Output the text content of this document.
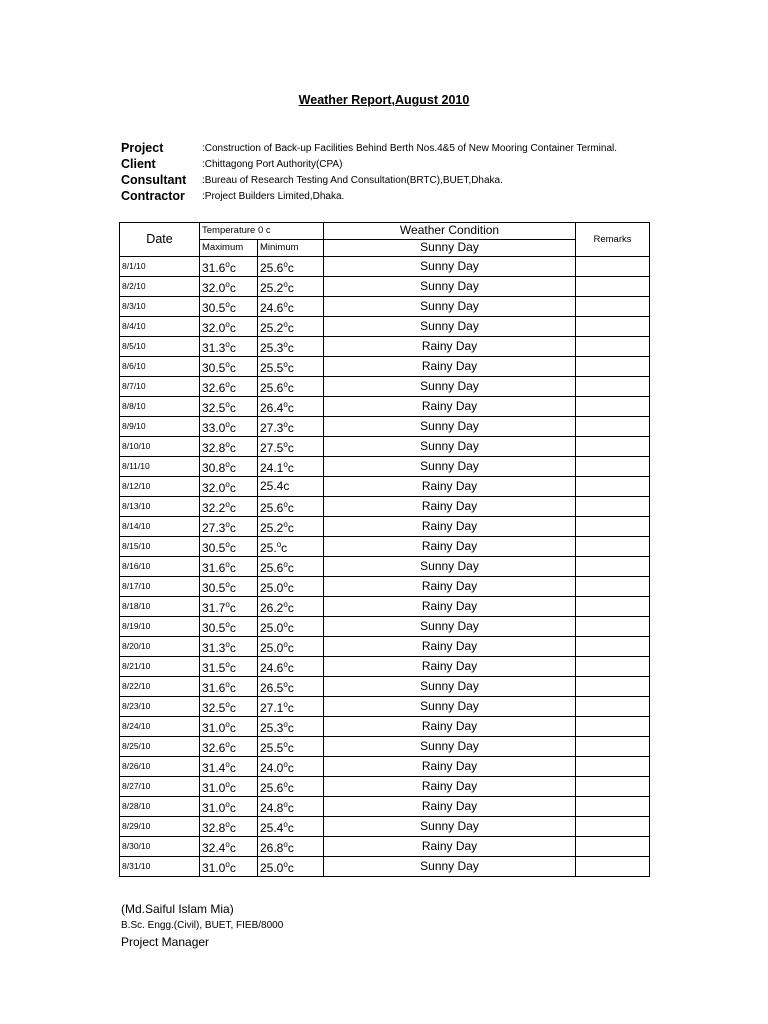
Weather Report,August 2010
Project	:Construction of Back-up Facilities Behind Berth Nos.4&5 of New Mooring Container Terminal.
Client	:Chittagong Port Authority(CPA)
Consultant :Bureau of Research Testing And Consultation(BRTC),BUET,Dhaka.
Contractor :Project Builders Limited,Dhaka.
Date	Temperature 0 c		Weather Condition	Remarks
	Maximum	Minimum	Sunny Day	
8/1/10	31.6$^o$c	25.6$^o$c	Sunny Day	
8/2/10	32.0$^o$c	25.2$^o$c	Sunny Day	
8/3/10	30.5$^o$c	24.6$^o$c	Sunny Day	
8/4/10	32.0$^o$c	25.2$^o$c	Sunny Day	
8/5/10	31.3$^o$c	25.3$^o$c	Rainy Day	
8/6/10	30.5$^o$c	25.5$^o$c	Rainy Day	
8/7/10	32.6$^o$c	25.6$^o$c	Sunny Day	
8/8/10	32.5$^o$c	26.4$^o$c	Rainy Day	
8/9/10	33.0$^o$c	27.3$^o$c	Sunny Day	
8/10/10	32.8$^o$c	27.5$^o$c	Sunny Day	
8/11/10	30.8$^o$c	24.1$^o$c	Sunny Day	
8/12/10	32.0$^o$c	25.4c	Rainy Day	
8/13/10	32.2$^o$c	25.6$^o$c	Rainy Day	
8/14/10	27.3$^o$c	25.2$^o$c	Rainy Day	
8/15/10	30.5$^o$c	25.$^o$c	Rainy Day	
8/16/10	31.6$^o$c	25.6$^o$c	Sunny Day	
8/17/10	30.5$^o$c	25.0$^o$c	Rainy Day	
8/18/10	31.7$^o$c	26.2$^o$c	Rainy Day	
8/19/10	30.5$^o$c	25.0$^o$c	Sunny Day	
8/20/10	31.3$^o$c	25.0$^o$c	Rainy Day	
8/21/10	31.5$^o$c	24.6$^o$c	Rainy Day	
8/22/10	31.6$^o$c	26.5$^o$c	Sunny Day	
8/23/10	32.5$^o$c	27.1$^o$c	Sunny Day	
8/24/10	31.0$^o$c	25.3$^o$c	Rainy Day	
8/25/10	32.6$^o$c	25.5$^o$c	Sunny Day	
8/26/10	31.4$^o$c	24.0$^o$c	Rainy Day	
8/27/10	31.0$^o$c	25.6$^o$c	Rainy Day	
8/28/10	31.0$^o$c	24.8$^o$c	Rainy Day	
8/29/10	32.8$^o$c	25.4$^o$c	Sunny Day	
8/30/10	32.4$^o$c	26.8$^o$c	Rainy Day	
8/31/10	31.0$^o$c	25.0$^o$c	Sunny Day	
(Md.Saiful Islam Mia)
B.Sc. Engg.(Civil), BUET, FIEB/8000
Project Manager
